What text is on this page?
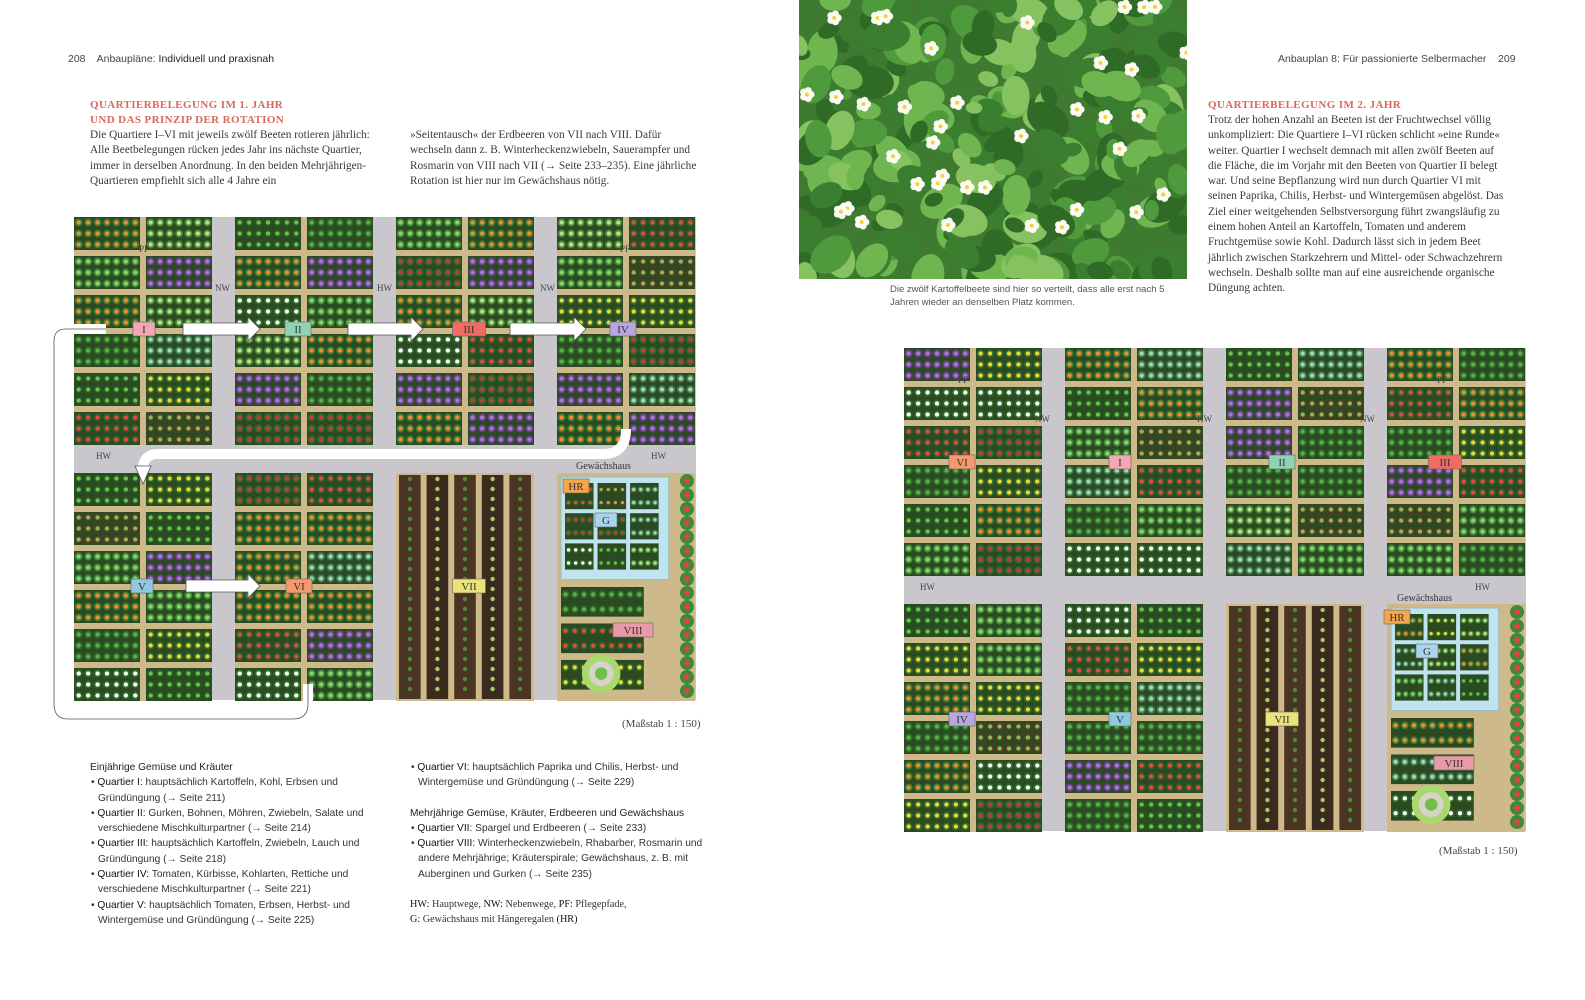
208 Anbaupläne: Individuell und praxisnah	Anbauplan 8: Für passionierte Selbermacher 209

QUARTIERBELEGUNG IM 1. JAHR

UND DAS PRINZIP DER ROTATION

Die Quartiere I–VI mit jeweils zwölf Beeten rotieren jährlich: Alle Beetbelegungen rücken jedes Jahr ins nächste Quartier, immer in derselben Anordnung. In den beiden Mehrjährigen-Quartieren empfiehlt sich alle 4 Jahre ein

»Seitentausch« der Erdbeeren von VII nach VIII. Dafür wechseln dann z. B. Winterheckenzwiebeln, Sauerampfer und Rosmarin von VIII nach VII (→ Seite 233–235). Eine jährliche Rotation ist hier nur im Gewächshaus nötig.

Die zwölf Kartoffelbeete sind hier so verteilt, dass alle erst nach 5 Jahren wieder an denselben Platz kommen.

QUARTIERBELEGUNG IM 2. JAHR

Trotz der hohen Anzahl an Beeten ist der Fruchtwechsel völlig unkompliziert: Die Quartiere I–VI rücken schlicht »eine Runde« weiter. Quartier I wechselt demnach mit allen zwölf Beeten auf die Fläche, die im Vorjahr mit den Beeten von Quartier II belegt war. Und seine Bepflanzung wird nun durch Quartier VI mit seinen Paprika, Chilis, Herbst- und Wintergemüsen abgelöst. Das Ziel einer weitgehenden Selbstversorgung führt zwangsläufig zu einem hohen Anteil an Kartoffeln, Tomaten und anderem Fruchtgemüse sowie Kohl. Dadurch lässt sich in jedem Beet jährlich zwischen Starkzehrern und Mittel- oder Schwachzehrern wechseln. Deshalb sollte man auf eine ausreichende organische Düngung achten.

I	II	III	IV
V	VI	VII
VIII
PF	PF
NW	HW	NW
HW	HW
HR
G
Gewächshaus
(Maßstab 1 : 150)
VI	I	II	III
IV	V	VII
VIII
PF	PF
NW	HW	NW
HW	HW
HR
G
Gewächshaus
(Maßstab 1 : 150)

Einjährige Gemüse und Kräuter

• Quartier I: hauptsächlich Kartoffeln, Kohl, Erbsen und Gründüngung (→ Seite 211)
• Quartier II: Gurken, Bohnen, Möhren, Zwiebeln, Salate und verschiedene Mischkulturpartner (→ Seite 214)
• Quartier III: hauptsächlich Kartoffeln, Zwiebeln, Lauch und Gründüngung (→ Seite 218)
• Quartier IV: Tomaten, Kürbisse, Kohlarten, Rettiche und verschiedene Mischkulturpartner (→ Seite 221)
• Quartier V: hauptsächlich Tomaten, Erbsen, Herbst- und Wintergemüse und Gründüngung (→ Seite 225)
• Quartier VI: hauptsächlich Paprika und Chilis, Herbst- und Wintergemüse und Gründüngung (→ Seite 229)

Mehrjährige Gemüse, Kräuter, Erdbeeren und Gewächshaus

• Quartier VII: Spargel und Erdbeeren (→ Seite 233)
• Quartier VIII: Winterheckenzwiebeln, Rhabarber, Rosmarin und andere Mehrjährige; Kräuterspirale; Gewächshaus, z. B. mit Auberginen und Gurken (→ Seite 235)

HW: Hauptwege, NW: Nebenwege, PF: Pflegepfade,
G: Gewächshaus mit Hängeregalen (HR)
